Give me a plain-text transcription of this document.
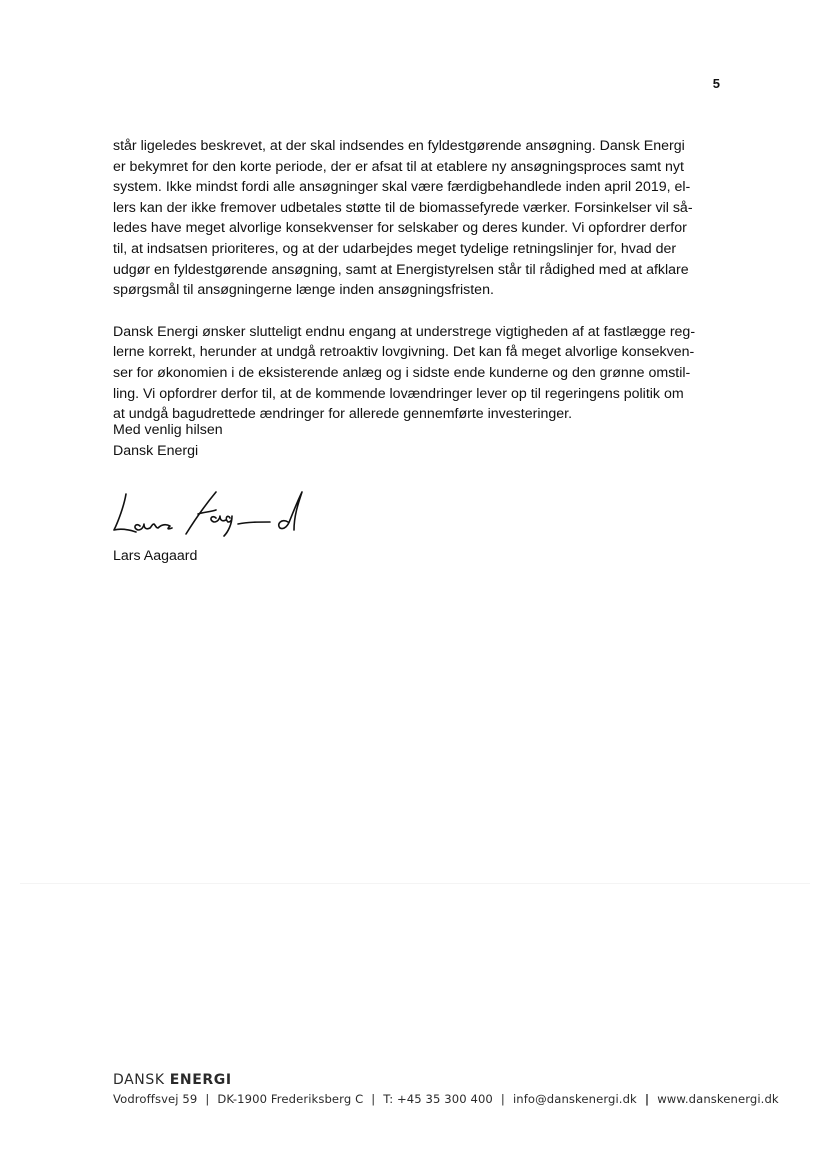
5

står ligeledes beskrevet, at der skal indsendes en fyldestgørende ansøgning. Dansk Energi
er bekymret for den korte periode, der er afsat til at etablere ny ansøgningsproces samt nyt
system. Ikke mindst fordi alle ansøgninger skal være færdigbehandlede inden april 2019, el-
lers kan der ikke fremover udbetales støtte til de biomassefyrede værker. Forsinkelser vil så-
ledes have meget alvorlige konsekvenser for selskaber og deres kunder. Vi opfordrer derfor
til, at indsatsen prioriteres, og at der udarbejdes meget tydelige retningslinjer for, hvad der
udgør en fyldestgørende ansøgning, samt at Energistyrelsen står til rådighed med at afklare
spørgsmål til ansøgningerne længe inden ansøgningsfristen.

Dansk Energi ønsker slutteligt endnu engang at understrege vigtigheden af at fastlægge reg-
lerne korrekt, herunder at undgå retroaktiv lovgivning. Det kan få meget alvorlige konsekven-
ser for økonomien i de eksisterende anlæg og i sidste ende kunderne og den grønne omstil-
ling. Vi opfordrer derfor til, at de kommende lovændringer lever op til regeringens politik om
at undgå bagudrettede ændringer for allerede gennemførte investeringer.

Med venlig hilsen
Dansk Energi
Lars Aagaard
DANSK ENERGI
Vodroffsvej 59 | DK-1900 Frederiksberg C | T: +45 35 300 400 | info@danskenergi.dk | www.danskenergi.dk
